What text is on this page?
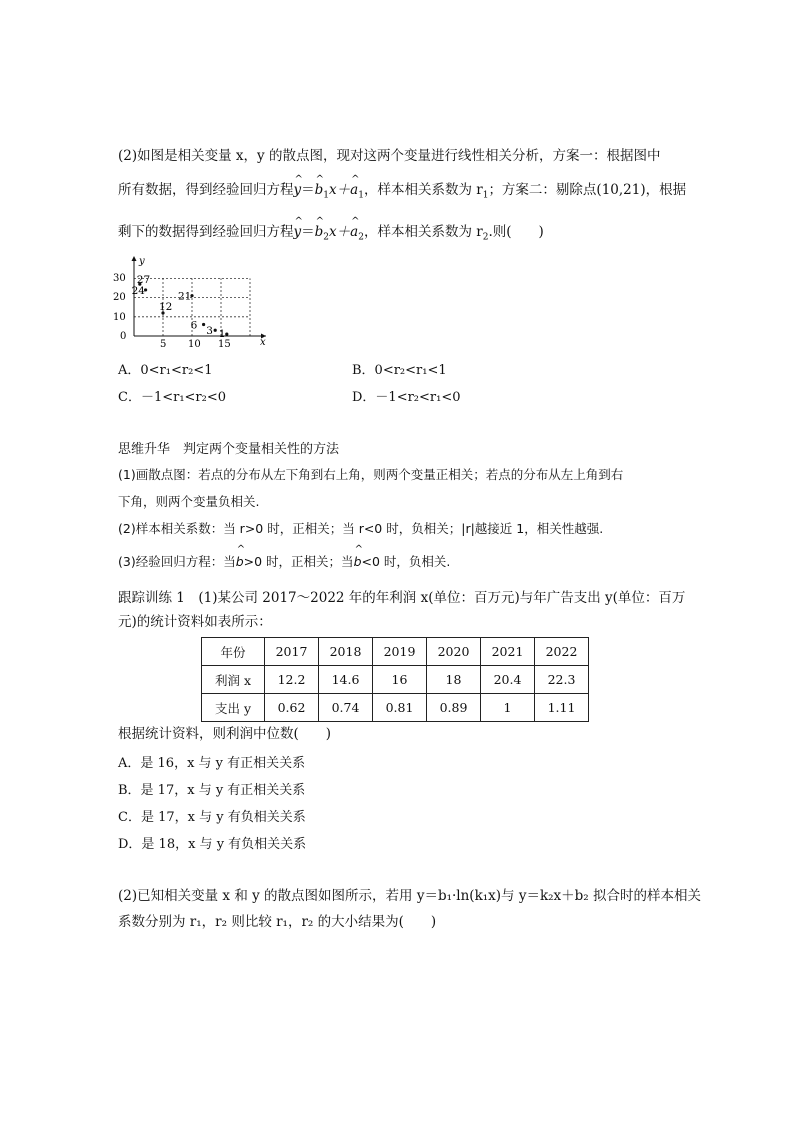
(2)如图是相关变量 x，y 的散点图，现对这两个变量进行线性相关分析，方案一：根据图中
所有数据，得到经验回归方程^ y＝^ $b_1x+\^{}$ $a_1$，样本相关系数为 $r_1$；方案二：剔除点(10,21)，根据
剩下的数据得到经验回归方程^ y＝^ $b_2x+\^{}$ $a_2$，样本相关系数为 $r_2$.则(　　)
y
x
30
20
10
0
5 10 15
27
24	21
12
6 3 1
A．0<r₁<r₂<1	B．0<r₂<r₁<1
C．－1<r₁<r₂<0	D．－1<r₂<r₁<0
思维升华　判定两个变量相关性的方法
(1)画散点图：若点的分布从左下角到右上角，则两个变量正相关；若点的分布从左上角到右
下角，则两个变量负相关.
(2)样本相关系数：当 r>0 时，正相关；当 r<0 时，负相关；|r|越接近 1，相关性越强.
(3)经验回归方程：当^ b>0 时，正相关；当^ b<0 时，负相关.
跟踪训练 1　(1)某公司 2017～2022 年的年利润 x(单位：百万元)与年广告支出 y(单位：百万
元)的统计资料如表所示：
年份	2017	2018	2019	2020	2021	2022
利润 x	12.2	14.6	16	18	20.4	22.3
支出 y	0.62	0.74	0.81	0.89	1	1.11
根据统计资料，则利润中位数(　　)
A．是 16，x 与 y 有正相关关系
B．是 17，x 与 y 有正相关关系
C．是 17，x 与 y 有负相关关系
D．是 18，x 与 y 有负相关关系
(2)已知相关变量 x 和 y 的散点图如图所示，若用 y＝b₁·ln(k₁x)与 y＝k₂x＋b₂ 拟合时的样本相关
系数分别为 r₁，r₂ 则比较 r₁，r₂ 的大小结果为(　　)
